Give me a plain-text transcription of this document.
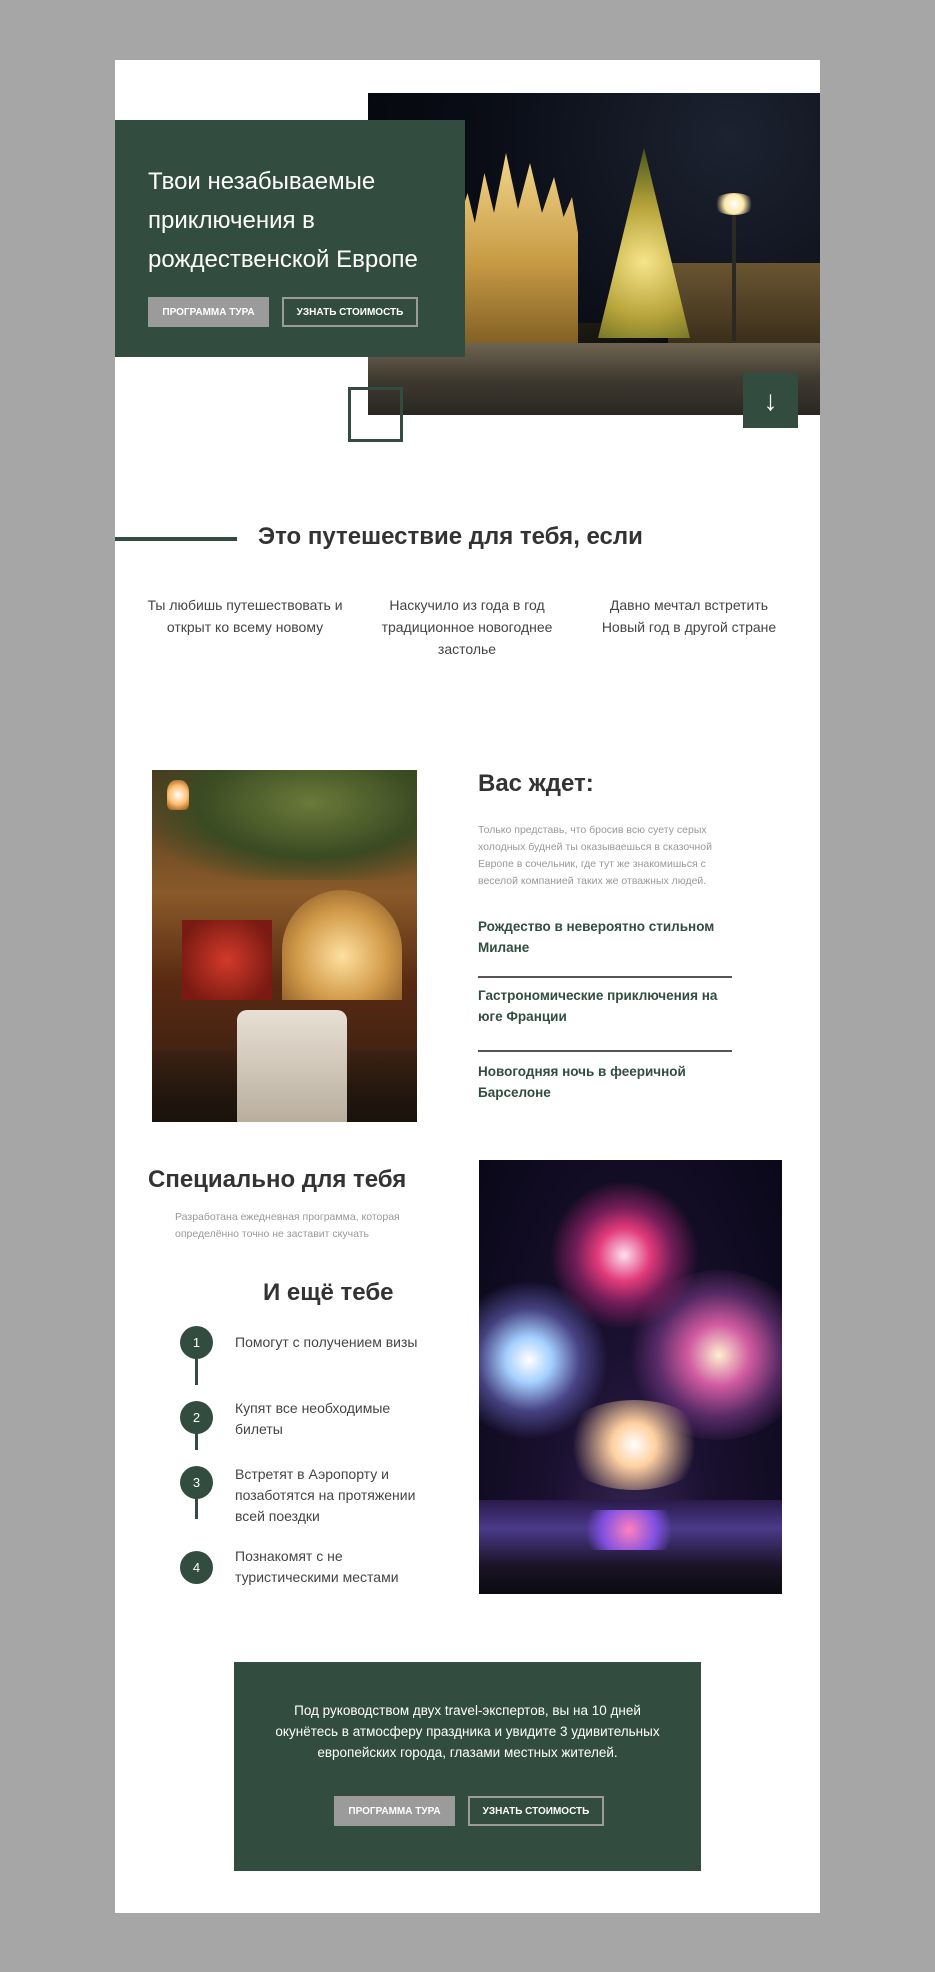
Твои незабываемые приключения в рождественской Европе
ПРОГРАММА ТУРА	УЗНАТЬ СТОИМОСТЬ
↓
Это путешествие для тебя, если

Ты любишь путешествовать и открыт ко всему новому

Наскучило из года в год традиционное новогоднее застолье

Давно мечтал встретить Новый год в другой стране

Вас ждет:

Только представь, что бросив всю суету серых холодных будней ты оказываешься в сказочной Европе в сочельник, где тут же знакомишься с веселой компанией таких же отважных людей.

Рождество в невероятно стильном Милане

Гастрономические приключения на юге Франции

Новогодняя ночь в фееричной Барселоне

Специально для тебя

Разработана ежедневная программа, которая определённо точно не заставит скучать

И ещё тебе
1	Помогут с получением визы

2

Купят все необходимые билеты

3

Встретят в Аэропорту и позаботятся на протяжении всей поездки

4

Познакомят с не туристическими местами

Под руководством двух travel-экспертов, вы на 10 дней окунётесь в атмосферу праздника и увидите 3 удивительных европейских города, глазами местных жителей.

ПРОГРАММА ТУРА	УЗНАТЬ СТОИМОСТЬ
